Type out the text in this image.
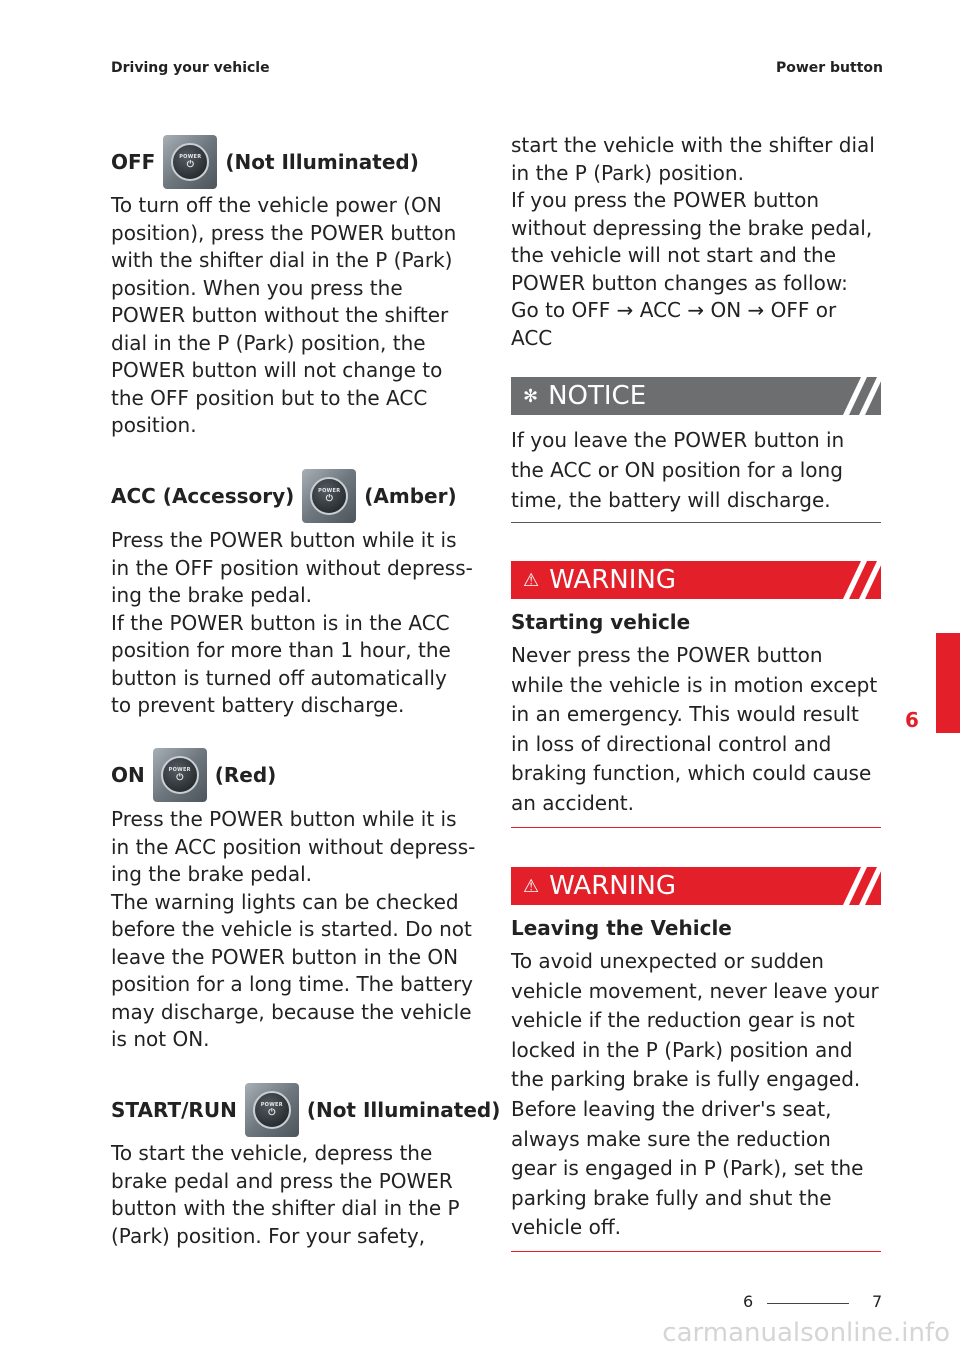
Driving your vehicle	Power button
OFF	POWER
⏻ (Not Illuminated)
To turn off the vehicle power (ON
position), press the POWER button
with the shifter dial in the P (Park)
position. When you press the
POWER button without the shifter
dial in the P (Park) position, the
POWER button will not change to
the OFF position but to the ACC
position.
ACC (Accessory)	POWER
⏻ (Amber)
Press the POWER button while it is
in the OFF position without depress-
ing the brake pedal.
If the POWER button is in the ACC
position for more than 1 hour, the
button is turned off automatically
to prevent battery discharge.
ON	POWER
⏻ (Red)
Press the POWER button while it is
in the ACC position without depress-
ing the brake pedal.
The warning lights can be checked
before the vehicle is started. Do not
leave the POWER button in the ON
position for a long time. The battery
may discharge, because the vehicle
is not ON.
START/RUN	POWER
⏻ (Not Illuminated)
To start the vehicle, depress the
brake pedal and press the POWER
button with the shifter dial in the P
(Park) position. For your safety,
start the vehicle with the shifter dial
in the P (Park) position.
If you press the POWER button
without depressing the brake pedal,
the vehicle will not start and the
POWER button changes as follow:
Go to OFF → ACC → ON → OFF or
ACC
✻ NOTICE
If you leave the POWER button in
the ACC or ON position for a long
time, the battery will discharge.
⚠ WARNING
Starting vehicle
Never press the POWER button
while the vehicle is in motion except
in an emergency. This would result
in loss of directional control and
braking function, which could cause
an accident.
⚠ WARNING
Leaving the Vehicle
To avoid unexpected or sudden
vehicle movement, never leave your
vehicle if the reduction gear is not
locked in the P (Park) position and
the parking brake is fully engaged.
Before leaving the driver's seat,
always make sure the reduction
gear is engaged in P (Park), set the
parking brake fully and shut the
vehicle off.
6
6	7
carmanualsonline.info
